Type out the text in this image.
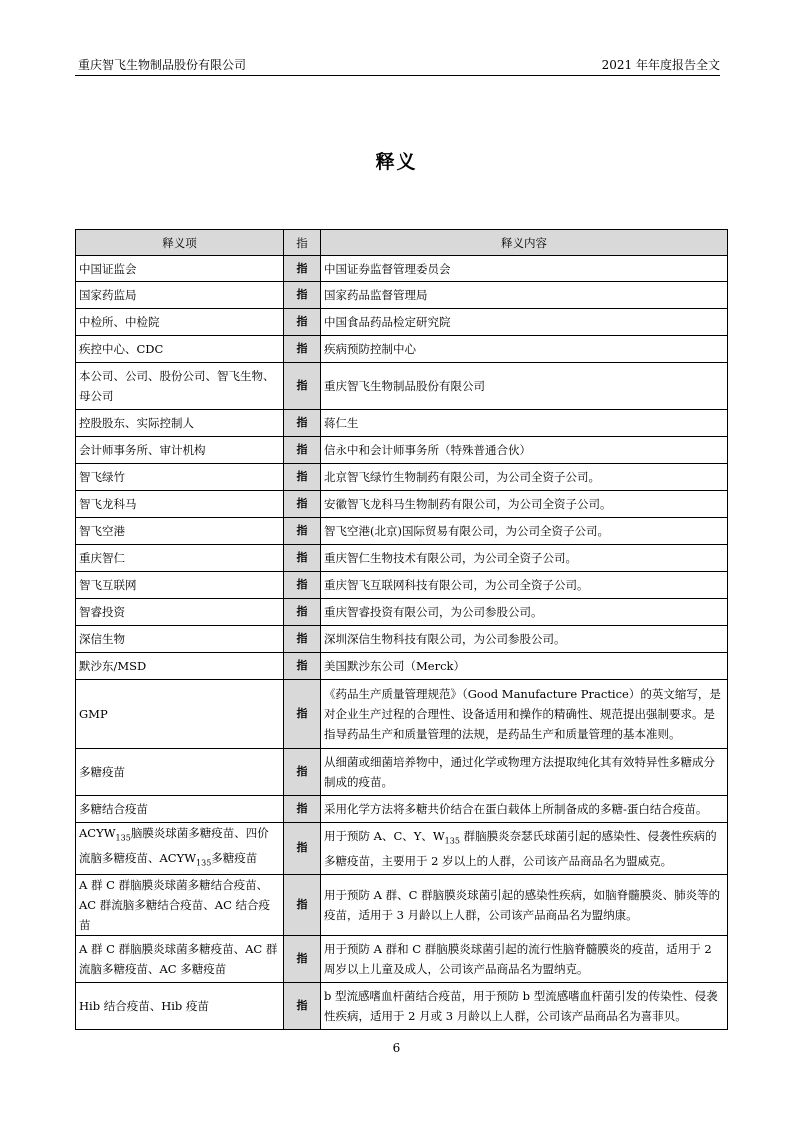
重庆智飞生物制品股份有限公司	2021 年年度报告全文
释义
释义项	指	释义内容
中国证监会	指	中国证券监督管理委员会
国家药监局	指	国家药品监督管理局
中检所、中检院	指	中国食品药品检定研究院
疾控中心、CDC	指	疾病预防控制中心
本公司、公司、股份公司、智飞生物、母公司	指	重庆智飞生物制品股份有限公司
控股股东、实际控制人	指	蒋仁生
会计师事务所、审计机构	指	信永中和会计师事务所（特殊普通合伙）
智飞绿竹	指	北京智飞绿竹生物制药有限公司，为公司全资子公司。
智飞龙科马	指	安徽智飞龙科马生物制药有限公司，为公司全资子公司。
智飞空港	指	智飞空港(北京)国际贸易有限公司，为公司全资子公司。
重庆智仁	指	重庆智仁生物技术有限公司，为公司全资子公司。
智飞互联网	指	重庆智飞互联网科技有限公司，为公司全资子公司。
智睿投资	指	重庆智睿投资有限公司，为公司参股公司。
深信生物	指	深圳深信生物科技有限公司，为公司参股公司。
默沙东/MSD	指	美国默沙东公司（Merck）
GMP	指	《药品生产质量管理规范》（Good Manufacture Practice）的英文缩写，是对企业生产过程的合理性、设备适用和操作的精确性、规范提出强制要求。是指导药品生产和质量管理的法规，是药品生产和质量管理的基本准则。
多糖疫苗	指	从细菌或细菌培养物中，通过化学或物理方法提取纯化其有效特异性多糖成分制成的疫苗。
多糖结合疫苗	指	采用化学方法将多糖共价结合在蛋白载体上所制备成的多糖-蛋白结合疫苗。
$ACYW_{135}$脑膜炎球菌多糖疫苗、四价流脑多糖疫苗、$ACYW_{135}$多糖疫苗	指	用于预防 A、C、Y、$W_{135}$ 群脑膜炎奈瑟氏球菌引起的感染性、侵袭性疾病的多糖疫苗，主要用于 2 岁以上的人群，公司该产品商品名为盟威克。
A 群 C 群脑膜炎球菌多糖结合疫苗、AC 群流脑多糖结合疫苗、AC 结合疫苗	指	用于预防 A 群、C 群脑膜炎球菌引起的感染性疾病，如脑脊髓膜炎、肺炎等的疫苗，适用于 3 月龄以上人群，公司该产品商品名为盟纳康。
A 群 C 群脑膜炎球菌多糖疫苗、AC 群流脑多糖疫苗、AC 多糖疫苗	指	用于预防 A 群和 C 群脑膜炎球菌引起的流行性脑脊髓膜炎的疫苗，适用于 2 周岁以上儿童及成人，公司该产品商品名为盟纳克。
Hib 结合疫苗、Hib 疫苗	指	b 型流感嗜血杆菌结合疫苗，用于预防 b 型流感嗜血杆菌引发的传染性、侵袭性疾病，适用于 2 月或 3 月龄以上人群，公司该产品商品名为喜菲贝。
6
